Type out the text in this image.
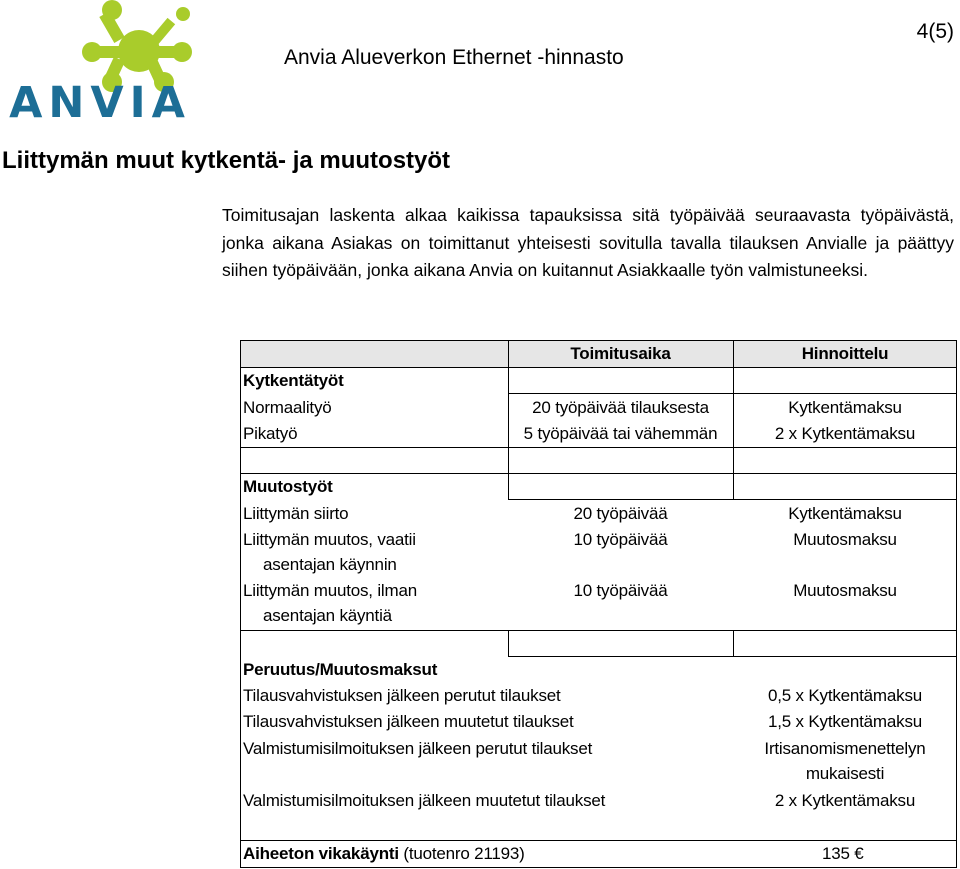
ANVIA
Anvia Alueverkon Ethernet -hinnasto
4(5)
Liittymän muut kytkentä- ja muutostyöt
Toimitusajan laskenta alkaa kaikissa tapauksissa sitä työpäivää seuraavasta työpäivästä, jonka aikana Asiakas on toimittanut yhteisesti sovitulla tavalla tilauksen Anvialle ja päättyy siihen työpäivään, jonka aikana Anvia on kuitannut Asiakkaalle työn valmistuneeksi.
Toimitusaika	Hinnoittelu
Kytkentätyöt
Normaalityö	20 työpäivää tilauksesta	Kytkentämaksu
Pikatyö	5 työpäivää tai vähemmän	2 x Kytkentämaksu
Muutostyöt
Liittymän siirto	20 työpäivää	Kytkentämaksu
Liittymän muutos, vaatii
asentajan käynnin
10 työpäivää	Muutosmaksu
Liittymän muutos, ilman
asentajan käyntiä
10 työpäivää	Muutosmaksu
Peruutus/Muutosmaksut
Tilausvahvistuksen jälkeen perutut tilaukset	0,5 x Kytkentämaksu
Tilausvahvistuksen jälkeen muutetut tilaukset	1,5 x Kytkentämaksu
Valmistumisilmoituksen jälkeen perutut tilaukset	Irtisanomismenettelyn
mukaisesti
Valmistumisilmoituksen jälkeen muutetut tilaukset	2 x Kytkentämaksu
Aiheeton vikakäynti (tuotenro 21193)	135 €
